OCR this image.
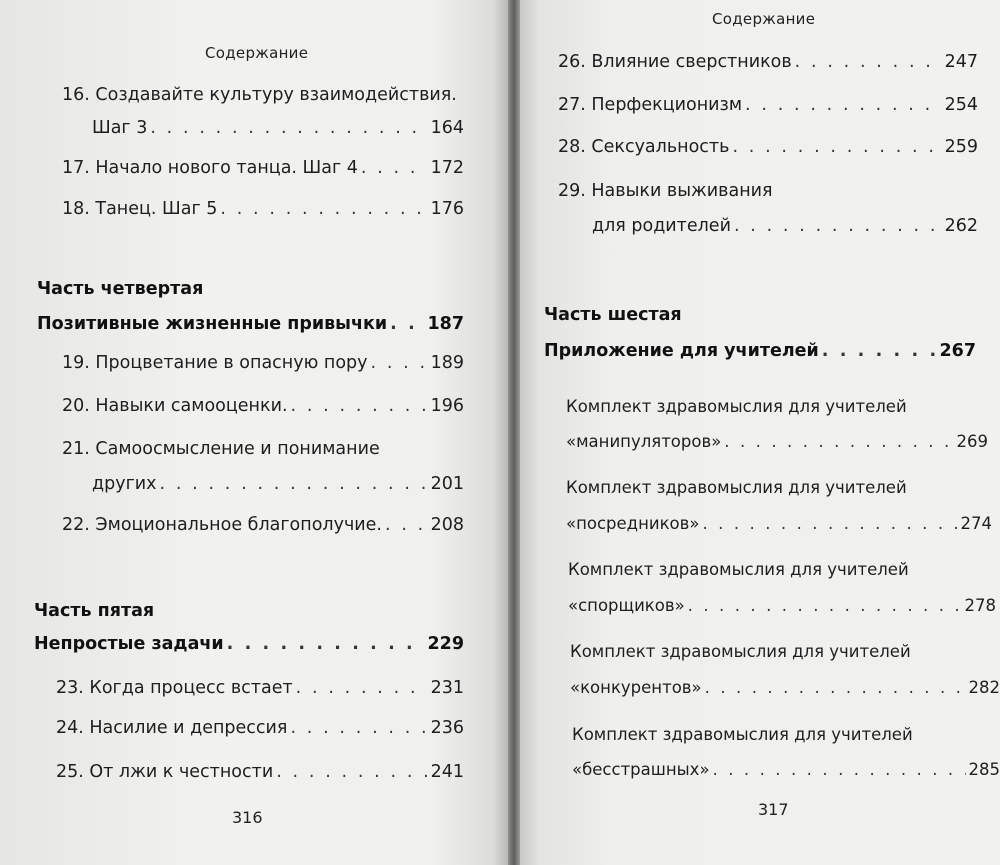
Содержание
16. Создавайте культуру взаимодействия.
Шаг 3 . . .	164
17. Начало нового танца. Шаг 4 . . .	172
18. Танец. Шаг 5 . . .	176
Часть четвертая
Позитивные жизненные привычки . . . 187
19. Процветание в опасную пору . . .	189
20. Навыки самооценки. . . .	196
21. Самоосмысление и понимание
других . . .	201
22. Эмоциональное благополучие. . . .	208
Часть пятая
Непростые задачи . . .	229
23. Когда процесс встает . . .	231
24. Насилие и депрессия . . .	236
25. От лжи к честности . . .	241
316
Содержание
26. Влияние сверстников . . .	247
27. Перфекционизм . . .	254
28. Сексуальность . . .	259
29. Навыки выживания
для родителей . . .	262
Часть шестая
Приложение для учителей . . .	267
Комплект здравомыслия для учителей
«манипуляторов» . . .	269
Комплект здравомыслия для учителей
«посредников» . . .	274
Комплект здравомыслия для учителей
«спорщиков» . . .	278
Комплект здравомыслия для учителей
«конкурентов» . . .	282
Комплект здравомыслия для учителей
«бесстрашных» . . .	285
317
